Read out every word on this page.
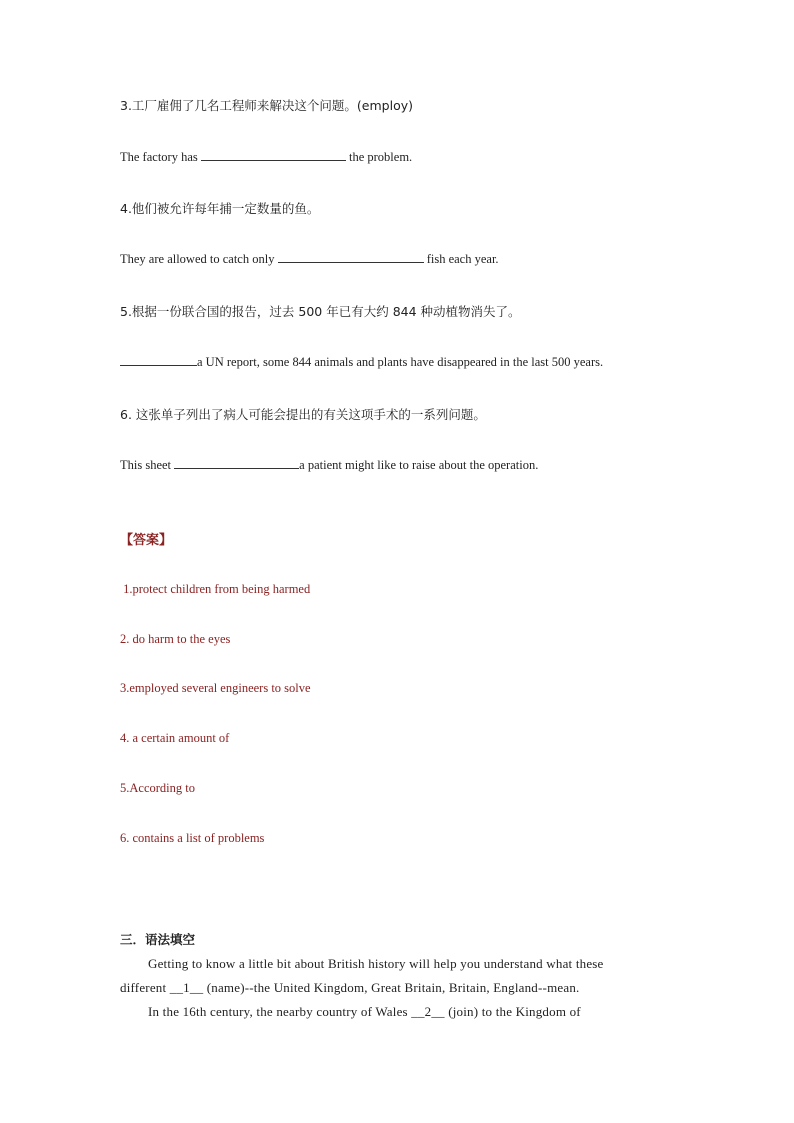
3.工厂雇佣了几名工程师来解决这个问题。(employ)
The factory has	the problem.
4.他们被允许每年捕一定数量的鱼。
They are allowed to catch only	fish each year.
5.根据一份联合国的报告，过去 500 年已有大约 844 种动植物消失了。
a UN report, some 844 animals and plants have disappeared in the last 500 years.
6. 这张单子列出了病人可能会提出的有关这项手术的一系列问题。
This sheet	a patient might like to raise about the operation.
【答案】
1.protect children from being harmed
2. do harm to the eyes
3.employed several engineers to solve
4. a certain amount of
5.According to
6. contains a list of problems
三．语法填空
Getting to know a little bit about British history will help you understand what these
different __1__ (name)--the United Kingdom, Great Britain, Britain, England--mean.
In the 16th century, the nearby country of Wales __2__ (join) to the Kingdom of
